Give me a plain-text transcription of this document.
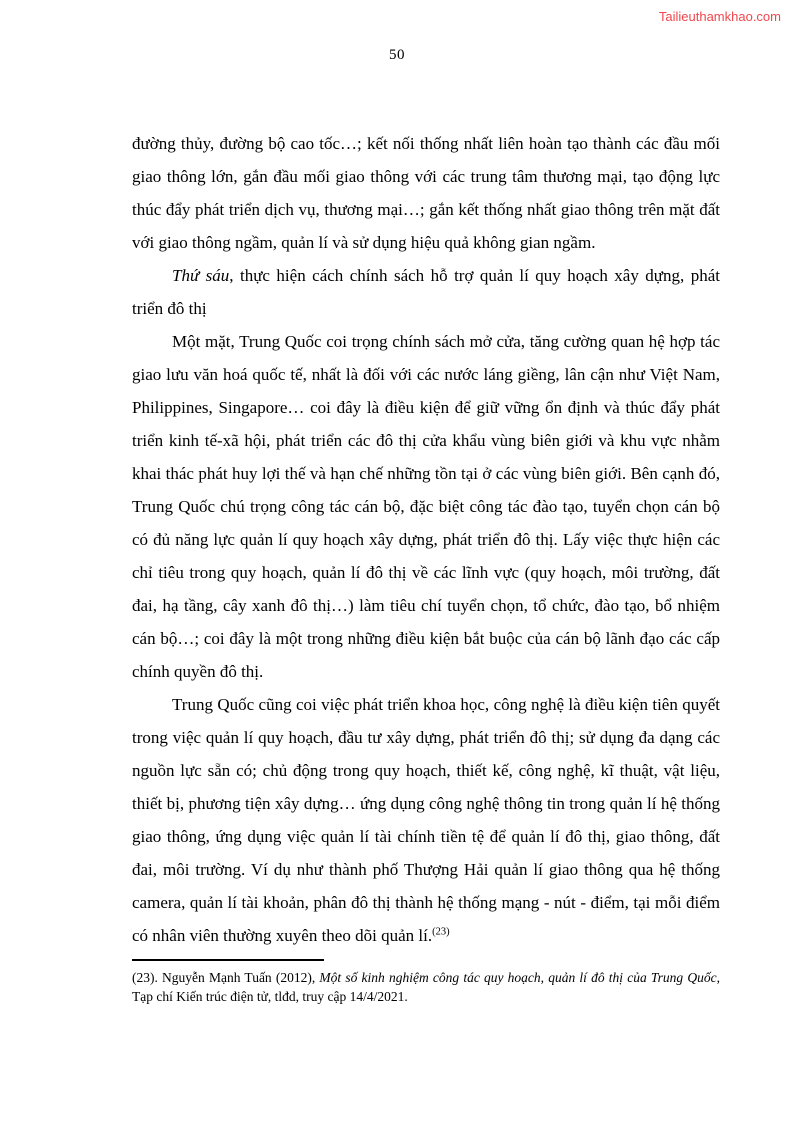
Tailieuthamkhao.com
50

đường thủy, đường bộ cao tốc…; kết nối thống nhất liên hoàn tạo thành các đầu mối giao thông lớn, gắn đầu mối giao thông với các trung tâm thương mại, tạo động lực thúc đẩy phát triển dịch vụ, thương mại…; gắn kết thống nhất giao thông trên mặt đất với giao thông ngầm, quản lí và sử dụng hiệu quả không gian ngầm.

Thứ sáu, thực hiện cách chính sách hỗ trợ quản lí quy hoạch xây dựng, phát triển đô thị

Một mặt, Trung Quốc coi trọng chính sách mở cửa, tăng cường quan hệ hợp tác giao lưu văn hoá quốc tế, nhất là đối với các nước láng giềng, lân cận như Việt Nam, Philippines, Singapore… coi đây là điều kiện để giữ vững ổn định và thúc đẩy phát triển kinh tế-xã hội, phát triển các đô thị cửa khẩu vùng biên giới và khu vực nhằm khai thác phát huy lợi thế và hạn chế những tồn tại ở các vùng biên giới. Bên cạnh đó, Trung Quốc chú trọng công tác cán bộ, đặc biệt công tác đào tạo, tuyển chọn cán bộ có đủ năng lực quản lí quy hoạch xây dựng, phát triển đô thị. Lấy việc thực hiện các chỉ tiêu trong quy hoạch, quản lí đô thị về các lĩnh vực (quy hoạch, môi trường, đất đai, hạ tầng, cây xanh đô thị…) làm tiêu chí tuyển chọn, tổ chức, đào tạo, bổ nhiệm cán bộ…; coi đây là một trong những điều kiện bắt buộc của cán bộ lãnh đạo các cấp chính quyền đô thị.

Trung Quốc cũng coi việc phát triển khoa học, công nghệ là điều kiện tiên quyết trong việc quản lí quy hoạch, đầu tư xây dựng, phát triển đô thị; sử dụng đa dạng các nguồn lực sẵn có; chủ động trong quy hoạch, thiết kế, công nghệ, kĩ thuật, vật liệu, thiết bị, phương tiện xây dựng… ứng dụng công nghệ thông tin trong quản lí hệ thống giao thông, ứng dụng việc quản lí tài chính tiền tệ để quản lí đô thị, giao thông, đất đai, môi trường. Ví dụ như thành phố Thượng Hải quản lí giao thông qua hệ thống camera, quản lí tài khoản, phân đô thị thành hệ thống mạng - nút - điểm, tại mỗi điểm có nhân viên thường xuyên theo dõi quản lí.$^{(23)}$

(23). Nguyễn Mạnh Tuấn (2012), Một số kinh nghiệm công tác quy hoạch, quản lí đô thị của Trung Quốc, Tạp chí Kiến trúc điện tử, tlđd, truy cập 14/4/2021.
